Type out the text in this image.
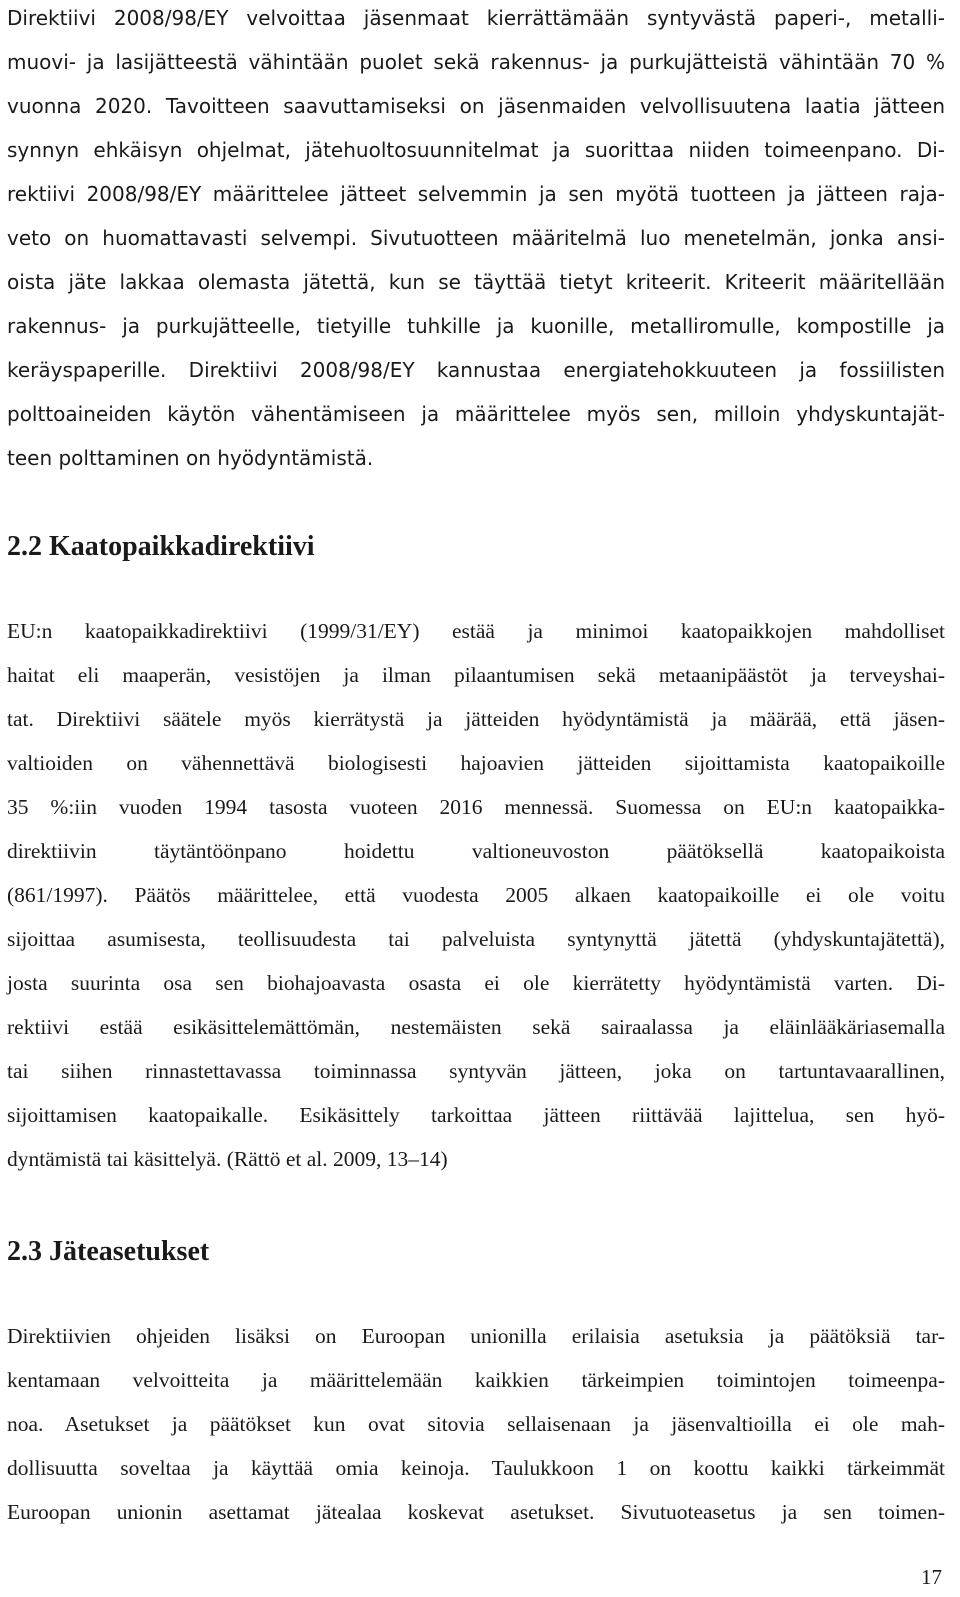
Direktiivi 2008/98/EY velvoittaa jäsenmaat kierrättämään syntyvästä paperi-, metalli-
muovi- ja lasijätteestä vähintään puolet sekä rakennus- ja purkujätteistä vähintään 70 %
vuonna 2020. Tavoitteen saavuttamiseksi on jäsenmaiden velvollisuutena laatia jätteen
synnyn ehkäisyn ohjelmat, jätehuoltosuunnitelmat ja suorittaa niiden toimeenpano. Di-
rektiivi 2008/98/EY määrittelee jätteet selvemmin ja sen myötä tuotteen ja jätteen raja-
veto on huomattavasti selvempi. Sivutuotteen määritelmä luo menetelmän, jonka ansi-
oista jäte lakkaa olemasta jätettä, kun se täyttää tietyt kriteerit. Kriteerit määritellään
rakennus- ja purkujätteelle, tietyille tuhkille ja kuonille, metalliromulle, kompostille ja
keräyspaperille. Direktiivi 2008/98/EY kannustaa energiatehokkuuteen ja fossiilisten
polttoaineiden käytön vähentämiseen ja määrittelee myös sen, milloin yhdyskuntajät-
teen polttaminen on hyödyntämistä.
2.2 Kaatopaikkadirektiivi
EU:n kaatopaikkadirektiivi (1999/31/EY) estää ja minimoi kaatopaikkojen mahdolliset
haitat eli maaperän, vesistöjen ja ilman pilaantumisen sekä metaanipäästöt ja terveyshai-
tat. Direktiivi säätele myös kierrätystä ja jätteiden hyödyntämistä ja määrää, että jäsen-
valtioiden on vähennettävä biologisesti hajoavien jätteiden sijoittamista kaatopaikoille
35 %:iin vuoden 1994 tasosta vuoteen 2016 mennessä. Suomessa on EU:n kaatopaikka-
direktiivin täytäntöönpano hoidettu valtioneuvoston päätöksellä kaatopaikoista
(861/1997). Päätös määrittelee, että vuodesta 2005 alkaen kaatopaikoille ei ole voitu
sijoittaa asumisesta, teollisuudesta tai palveluista syntynyttä jätettä (yhdyskuntajätettä),
josta suurinta osa sen biohajoavasta osasta ei ole kierrätetty hyödyntämistä varten. Di-
rektiivi estää esikäsittelemättömän, nestemäisten sekä sairaalassa ja eläinlääkäriasemalla
tai siihen rinnastettavassa toiminnassa syntyvän jätteen, joka on tartuntavaarallinen,
sijoittamisen kaatopaikalle. Esikäsittely tarkoittaa jätteen riittävää lajittelua, sen hyö-
dyntämistä tai käsittelyä. (Rättö et al. 2009, 13–14)
2.3 Jäteasetukset
Direktiivien ohjeiden lisäksi on Euroopan unionilla erilaisia asetuksia ja päätöksiä tar-
kentamaan velvoitteita ja määrittelemään kaikkien tärkeimpien toimintojen toimeenpa-
noa. Asetukset ja päätökset kun ovat sitovia sellaisenaan ja jäsenvaltioilla ei ole mah-
dollisuutta soveltaa ja käyttää omia keinoja. Taulukkoon 1 on koottu kaikki tärkeimmät
Euroopan unionin asettamat jätealaa koskevat asetukset. Sivutuoteasetus ja sen toimen-
17
